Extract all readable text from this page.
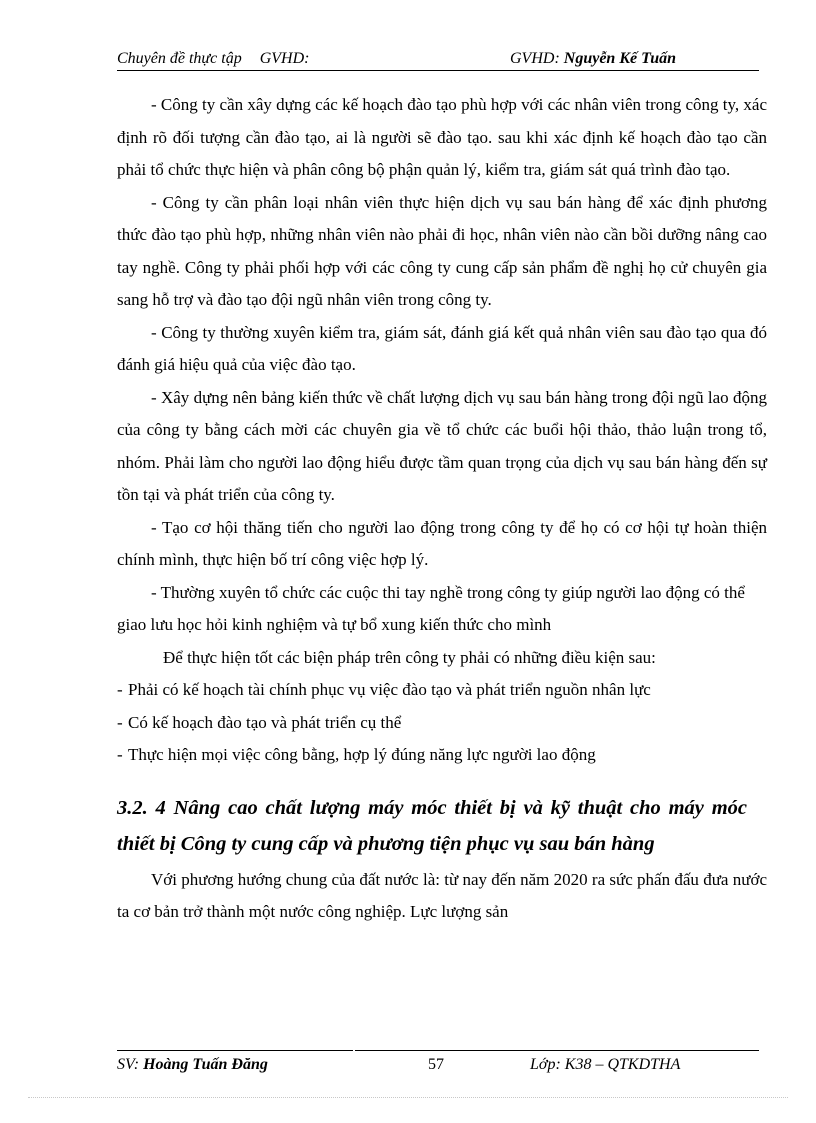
Chuyên đề thực tập GVHD:	GVHD: Nguyễn Kế Tuấn

- Công ty cần xây dựng các kế hoạch đào tạo phù hợp với các nhân viên trong công ty, xác định rõ đối tượng cần đào tạo, ai là người sẽ đào tạo. sau khi xác định kế hoạch đào tạo cần phải tổ chức thực hiện và phân công bộ phận quản lý, kiểm tra, giám sát quá trình đào tạo.

- Công ty cần phân loại nhân viên thực hiện dịch vụ sau bán hàng để xác định phương thức đào tạo phù hợp, những nhân viên nào phải đi học, nhân viên nào cần bồi dưỡng nâng cao tay nghề. Công ty phải phối hợp với các công ty cung cấp sản phẩm đề nghị họ cử chuyên gia sang hỗ trợ và đào tạo đội ngũ nhân viên trong công ty.

- Công ty thường xuyên kiểm tra, giám sát, đánh giá kết quả nhân viên sau đào tạo qua đó đánh giá hiệu quả của việc đào tạo.

- Xây dựng nên bảng kiến thức về chất lượng dịch vụ sau bán hàng trong đội ngũ lao động của công ty bằng cách mời các chuyên gia về tổ chức các buổi hội thảo, thảo luận trong tổ, nhóm. Phải làm cho người lao động hiểu được tầm quan trọng của dịch vụ sau bán hàng đến sự tồn tại và phát triển của công ty.

- Tạo cơ hội thăng tiến cho người lao động trong công ty để họ có cơ hội tự hoàn thiện chính mình, thực hiện bố trí công việc hợp lý.

- Thường xuyên tổ chức các cuộc thi tay nghề trong công ty giúp người lao động có thể giao lưu học hỏi kinh nghiệm và tự bổ xung kiến thức cho mình

Để thực hiện tốt các biện pháp trên công ty phải có những điều kiện sau:

- Phải có kế hoạch tài chính phục vụ việc đào tạo và phát triển nguồn nhân lực

- Có kế hoạch đào tạo và phát triển cụ thể

- Thực hiện mọi việc công bằng, hợp lý đúng năng lực người lao động

3.2. 4 Nâng cao chất lượng máy móc thiết bị và kỹ thuật cho máy móc thiết bị Công ty cung cấp và phương tiện phục vụ sau bán hàng

Với phương hướng chung của đất nước là: từ nay đến năm 2020 ra sức phấn đấu đưa nước ta cơ bản trở thành một nước công nghiệp. Lực lượng sản

SV: Hoàng Tuấn Đăng	57	Lớp: K38 – QTKDTHA
